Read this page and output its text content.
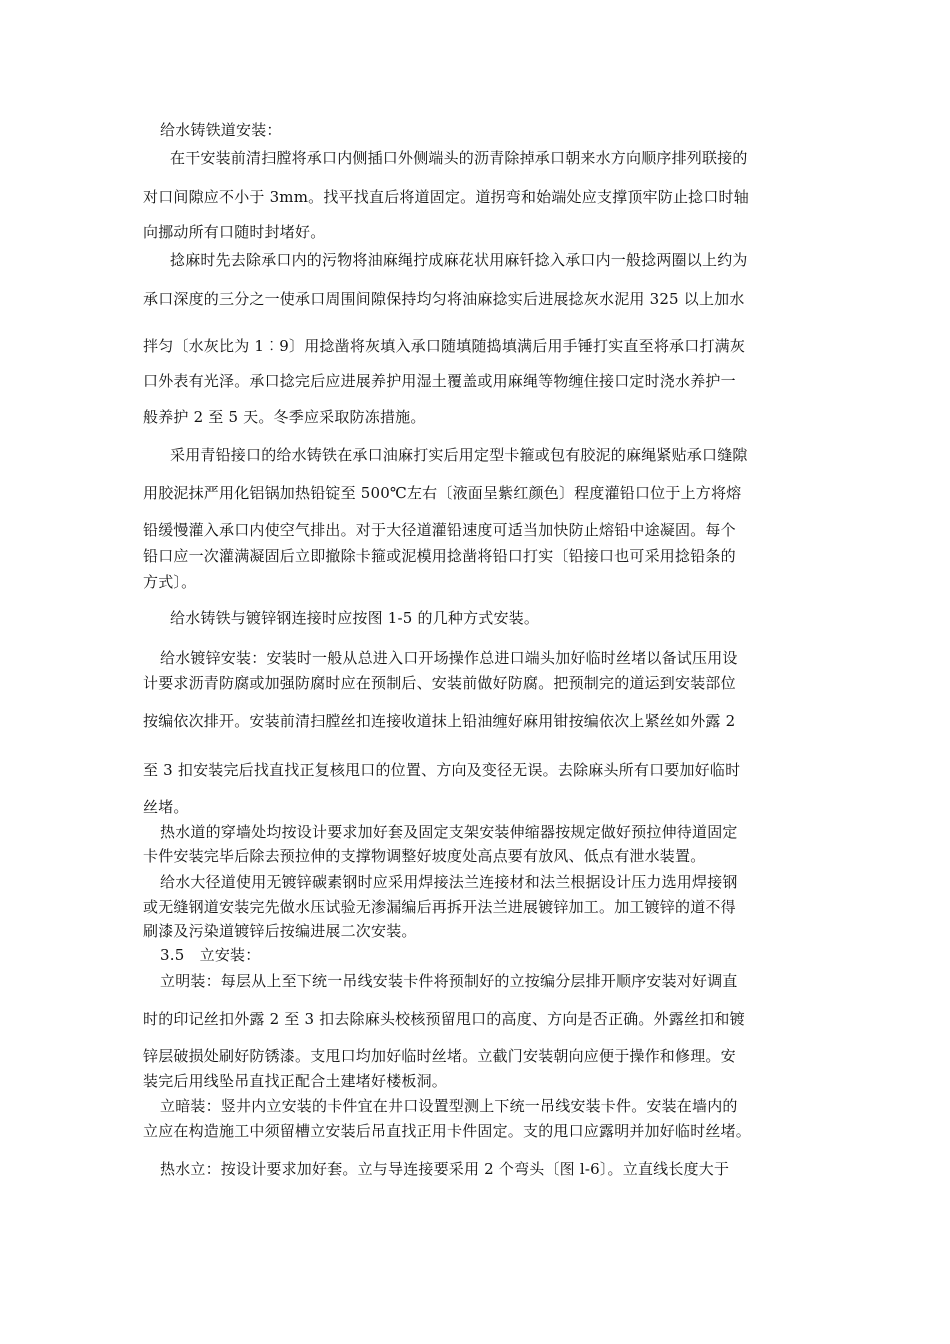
给水铸铁道安装：
在干安装前清扫膛将承口内侧插口外侧端头的沥青除掉承口朝来水方向顺序排列联接的
对口间隙应不小于 3mm。找平找直后将道固定。道拐弯和始端处应支撑顶牢防止捻口时轴
向挪动所有口随时封堵好。
捻麻时先去除承口内的污物将油麻绳拧成麻花状用麻钎捻入承口内一般捻两圈以上约为
承口深度的三分之一使承口周围间隙保持均匀将油麻捻实后进展捻灰水泥用 325 以上加水
拌匀〔水灰比为 1︰9〕用捻凿将灰填入承口随填随捣填满后用手锤打实直至将承口打满灰
口外表有光泽。承口捻完后应进展养护用湿土覆盖或用麻绳等物缠住接口定时浇水养护一
般养护 2 至 5 天。冬季应采取防冻措施。
采用青铅接口的给水铸铁在承口油麻打实后用定型卡箍或包有胶泥的麻绳紧贴承口缝隙
用胶泥抹严用化铝锅加热铅锭至 500℃左右〔液面呈紫红颜色〕程度灌铅口位于上方将熔
铅缓慢灌入承口内使空气排出。对于大径道灌铅速度可适当加快防止熔铅中途凝固。每个
铅口应一次灌满凝固后立即撤除卡箍或泥模用捻凿将铅口打实〔铅接口也可采用捻铅条的
方式〕。
给水铸铁与镀锌钢连接时应按图 1-5 的几种方式安装。
给水镀锌安装：安装时一般从总进入口开场操作总进口端头加好临时丝堵以备试压用设
计要求沥青防腐或加强防腐时应在预制后、安装前做好防腐。把预制完的道运到安装部位
按编依次排开。安装前清扫膛丝扣连接收道抹上铅油缠好麻用钳按编依次上紧丝如外露 2
至 3 扣安装完后找直找正复核甩口的位置、方向及变径无误。去除麻头所有口要加好临时
丝堵。
热水道的穿墙处均按设计要求加好套及固定支架安装伸缩器按规定做好预拉伸待道固定
卡件安装完毕后除去预拉伸的支撑物调整好坡度处高点要有放风、低点有泄水装置。
给水大径道使用无镀锌碳素钢时应采用焊接法兰连接材和法兰根据设计压力选用焊接钢
或无缝钢道安装完先做水压试验无渗漏编后再拆开法兰进展镀锌加工。加工镀锌的道不得
刷漆及污染道镀锌后按编进展二次安装。
3.5　立安装：
立明装：每层从上至下统一吊线安装卡件将预制好的立按编分层排开顺序安装对好调直
时的印记丝扣外露 2 至 3 扣去除麻头校核预留甩口的高度、方向是否正确。外露丝扣和镀
锌层破损处刷好防锈漆。支甩口均加好临时丝堵。立截门安装朝向应便于操作和修理。安
装完后用线坠吊直找正配合土建堵好楼板洞。
立暗装：竖井内立安装的卡件宜在井口设置型测上下统一吊线安装卡件。安装在墙内的
立应在构造施工中须留槽立安装后吊直找正用卡件固定。支的甩口应露明并加好临时丝堵。
热水立：按设计要求加好套。立与导连接要采用 2 个弯头〔图 l-6〕。立直线长度大于
